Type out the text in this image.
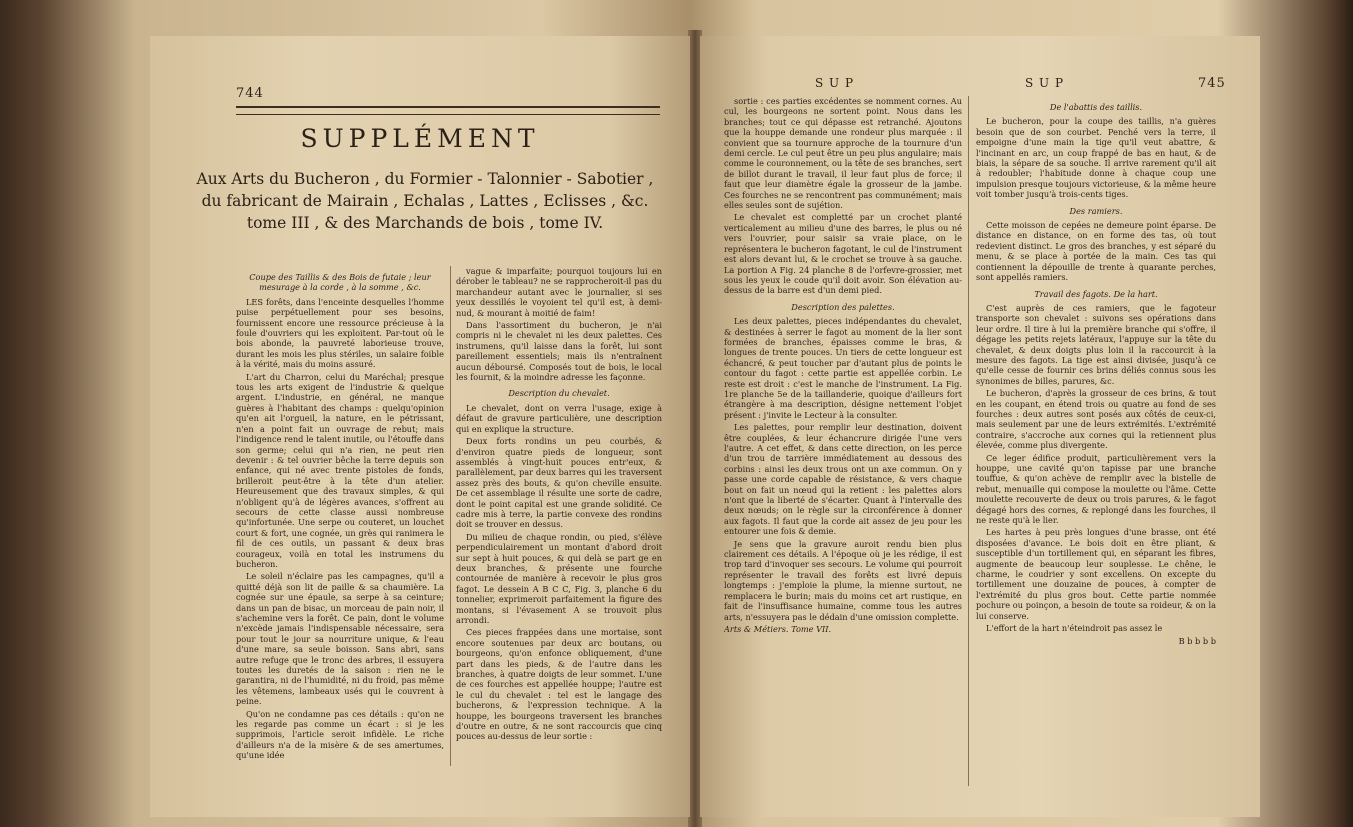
744
SUPPLÉMENT
Aux Arts du Bucheron , du Formier - Talonnier - Sabotier , du fabricant de Mairain , Echalas , Lattes , Eclisses , &c. tome III , & des Marchands de bois , tome IV.

Coupe des Taillis & des Bois de futaie ; leur mesurage à la corde , à la somme , &c.

LES forêts, dans l'enceinte desquelles l'homme puise perpétuellement pour ses besoins, fournissent encore une ressource précieuse à la foule d'ouvriers qui les exploitent. Par-tout où le bois abonde, la pauvreté laborieuse trouve, durant les mois les plus stériles, un salaire foible à la vérité, mais du moins assuré.

L'art du Charron, celui du Maréchal; presque tous les arts exigent de l'industrie & quelque argent. L'industrie, en général, ne manque guères à l'habitant des champs : quelqu'opinion qu'en ait l'orgueil, la nature, en le pétrissant, n'en a point fait un ouvrage de rebut; mais l'indigence rend le talent inutile, ou l'étouffe dans son germe; celui qui n'a rien, ne peut rien devenir : & tel ouvrier bêche la terre depuis son enfance, qui né avec trente pistoles de fonds, brilleroit peut-être à la tête d'un atelier. Heureusement que des travaux simples, & qui n'obligent qu'à de légères avances, s'offrent au secours de cette classe aussi nombreuse qu'infortunée. Une serpe ou couteret, un louchet court & fort, une cognée, un grès qui ranimera le fil de ces outils, un passant & deux bras courageux, voilà en total les instrumens du bucheron.

Le soleil n'éclaire pas les campagnes, qu'il a quitté déjà son lit de paille & sa chaumière. La cognée sur une épaule, sa serpe à sa ceinture; dans un pan de bisac, un morceau de pain noir, il s'achemine vers la forêt. Ce pain, dont le volume n'excède jamais l'indispensable nécessaire, sera pour tout le jour sa nourriture unique, & l'eau d'une mare, sa seule boisson. Sans abri, sans autre refuge que le tronc des arbres, il essuyera toutes les duretés de la saison : rien ne le garantira, ni de l'humidité, ni du froid, pas même les vêtemens, lambeaux usés qui le couvrent à peine.

Qu'on ne condamne pas ces détails : qu'on ne les regarde pas comme un écart : si je les supprimois, l'article seroit infidèle. Le riche d'ailleurs n'a de la misère & de ses amertumes, qu'une idée

vague & imparfaite; pourquoi toujours lui en dérober le tableau? ne se rapprocheroit-il pas du marchandeur autant avec le journalier, si ses yeux dessillés le voyoient tel qu'il est, à demi-nud, & mourant à moitié de faim!

Dans l'assortiment du bucheron, je n'ai compris ni le chevalet ni les deux palettes. Ces instrumens, qu'il laisse dans la forêt, lui sont pareillement essentiels; mais ils n'entraînent aucun déboursé. Composés tout de bois, le local les fournit, & la moindre adresse les façonne.

Description du chevalet.

Le chevalet, dont on verra l'usage, exige à défaut de gravure particulière, une description qui en explique la structure.

Deux forts rondins un peu courbés, & d'environ quatre pieds de longueur, sont assemblés à vingt-huit pouces entr'eux, & parallèlement, par deux barres qui les traversent assez près des bouts, & qu'on cheville ensuite. De cet assemblage il résulte une sorte de cadre, dont le point capital est une grande solidité. Ce cadre mis à terre, la partie convexe des rondins doit se trouver en dessus.

Du milieu de chaque rondin, ou pied, s'élève perpendiculairement un montant d'abord droit sur sept à huit pouces, & qui delà se part ge en deux branches, & présente une fourche contournée de manière à recevoir le plus gros fagot. Le dessein A B C C, Fig. 3, planche 6 du tonnelier, exprimeroit parfaitement la figure des montans, si l'évasement A se trouvoit plus arrondi.

Ces pieces frappées dans une mortaise, sont encore soutenues par deux arc boutans, ou bourgeons, qu'on enfonce obliquement, d'une part dans les pieds, & de l'autre dans les branches, à quatre doigts de leur sommet. L'une de ces fourches est appellée houppe; l'autre est le cul du chevalet : tel est le langage des bucherons, & l'expression technique. A la houppe, les bourgeons traversent les branches d'outre en outre, & ne sont raccourcis que cinq pouces au-dessus de leur sortie :

S U P	S U P	745

sortie : ces parties excédentes se nomment cornes. Au cul, les bourgeons ne sortent point. Nous dans les branches; tout ce qui dépasse est retranché. Ajoutons que la houppe demande une rondeur plus marquée : il convient que sa tournure approche de la tournure d'un demi cercle. Le cul peut être un peu plus angulaire; mais comme le couronnement, ou la tête de ses branches, sert de billot durant le travail, il leur faut plus de force; il faut que leur diamètre égale la grosseur de la jambe. Ces fourches ne se rencontrent pas communément; mais elles seules sont de sujétion.

Le chevalet est completté par un crochet planté verticalement au milieu d'une des barres, le plus ou né vers l'ouvrier, pour saisir sa vraie place, on le représentera le bucheron fagotant, le cul de l'instrument est alors devant lui, & le crochet se trouve à sa gauche. La portion A Fig. 24 planche 8 de l'orfevre-grossier, met sous les yeux le coude qu'il doit avoir. Son élévation au-dessus de la barre est d'un demi pied.

Description des palettes.

Les deux palettes, pieces indépendantes du chevalet, & destinées à serrer le fagot au moment de la lier sont formées de branches, épaisses comme le bras, & longues de trente pouces. Un tiers de cette longueur est échancré, & peut toucher par d'autant plus de points le contour du fagot : cette partie est appellée corbin. Le reste est droit : c'est le manche de l'instrument. La Fig. 1re planche 5e de la taillanderie, quoique d'ailleurs fort étrangère à ma description, désigne nettement l'objet présent : j'invite le Lecteur à la consulter.

Les palettes, pour remplir leur destination, doivent être couplées, & leur échancrure dirigée l'une vers l'autre. A cet effet, & dans cette direction, on les perce d'un trou de tarrière immédiatement au dessous des corbins : ainsi les deux trous ont un axe commun. On y passe une corde capable de résistance, & vers chaque bout on fait un nœud qui la retient : les palettes alors n'ont que la liberté de s'écarter. Quant à l'intervalle des deux nœuds; on le règle sur la circonférence à donner aux fagots. Il faut que la corde ait assez de jeu pour les entourer une fois & demie.

Je sens que la gravure auroit rendu bien plus clairement ces détails. A l'époque où je les rédige, il est trop tard d'invoquer ses secours. Le volume qui pourroit représenter le travail des forêts est livré depuis longtemps : j'emploie la plume, la mienne surtout, ne remplacera le burin; mais du moins cet art rustique, en fait de l'insuffisance humaine, comme tous les autres arts, n'essuyera pas le dédain d'une omission complette.

Arts & Métiers. Tome VII.

De l'abattis des taillis.

Le bucheron, pour la coupe des taillis, n'a guères besoin que de son courbet. Penché vers la terre, il empoigne d'une main la tige qu'il veut abattre, & l'incinant en arc, un coup frappé de bas en haut, & de biais, la sépare de sa souche. Il arrive rarement qu'il ait à redoubler; l'habitude donne à chaque coup une impulsion presque toujours victorieuse, & la même heure voit tomber jusqu'à trois-cents tiges.

Des ramiers.

Cette moisson de cepées ne demeure point éparse. De distance en distance, on en forme des tas, où tout redevient distinct. Le gros des branches, y est séparé du menu, & se place à portée de la main. Ces tas qui contiennent la dépouille de trente à quarante perches, sont appellés ramiers.

Travail des fagots. De la hart.

C'est auprès de ces ramiers, que le fagoteur transporte son chevalet : suivons ses opérations dans leur ordre. Il tire à lui la première branche qui s'offre, il dégage les petits rejets latéraux, l'appuye sur la tête du chevalet, & deux doigts plus loin il la raccourcit à la mesure des fagots. La tige est ainsi divisée, jusqu'à ce qu'elle cesse de fournir ces brins déliés connus sous les synonimes de billes, parures, &c.

Le bucheron, d'après la grosseur de ces brins, & tout en les coupant, en étend trois ou quatre au fond de ses fourches : deux autres sont posés aux côtés de ceux-ci, mais seulement par une de leurs extrémités. L'extrémité contraire, s'accroche aux cornes qui la retiennent plus élevée, comme plus divergente.

Ce leger édifice produit, particulièrement vers la houppe, une cavité qu'on tapisse par une branche touffue, & qu'on achève de remplir avec la bistelle de rebut, menuaille qui compose la moulette ou l'âme. Cette moulette recouverte de deux ou trois parures, & le fagot dégagé hors des cornes, & replongé dans les fourches, il ne reste qu'à le lier.

Les hartes à peu près longues d'une brasse, ont été disposées d'avance. Le bois doit en être pliant, & susceptible d'un tortillement qui, en séparant les fibres, augmente de beaucoup leur souplesse. Le chêne, le charme, le coudrier y sont excellens. On excepte du tortillement une douzaine de pouces, à compter de l'extrémité du plus gros bout. Cette partie nommée pochure ou poinçon, a besoin de toute sa roideur, & on la lui conserve.

L'effort de la hart n'éteindroit pas assez le

B b b b b
